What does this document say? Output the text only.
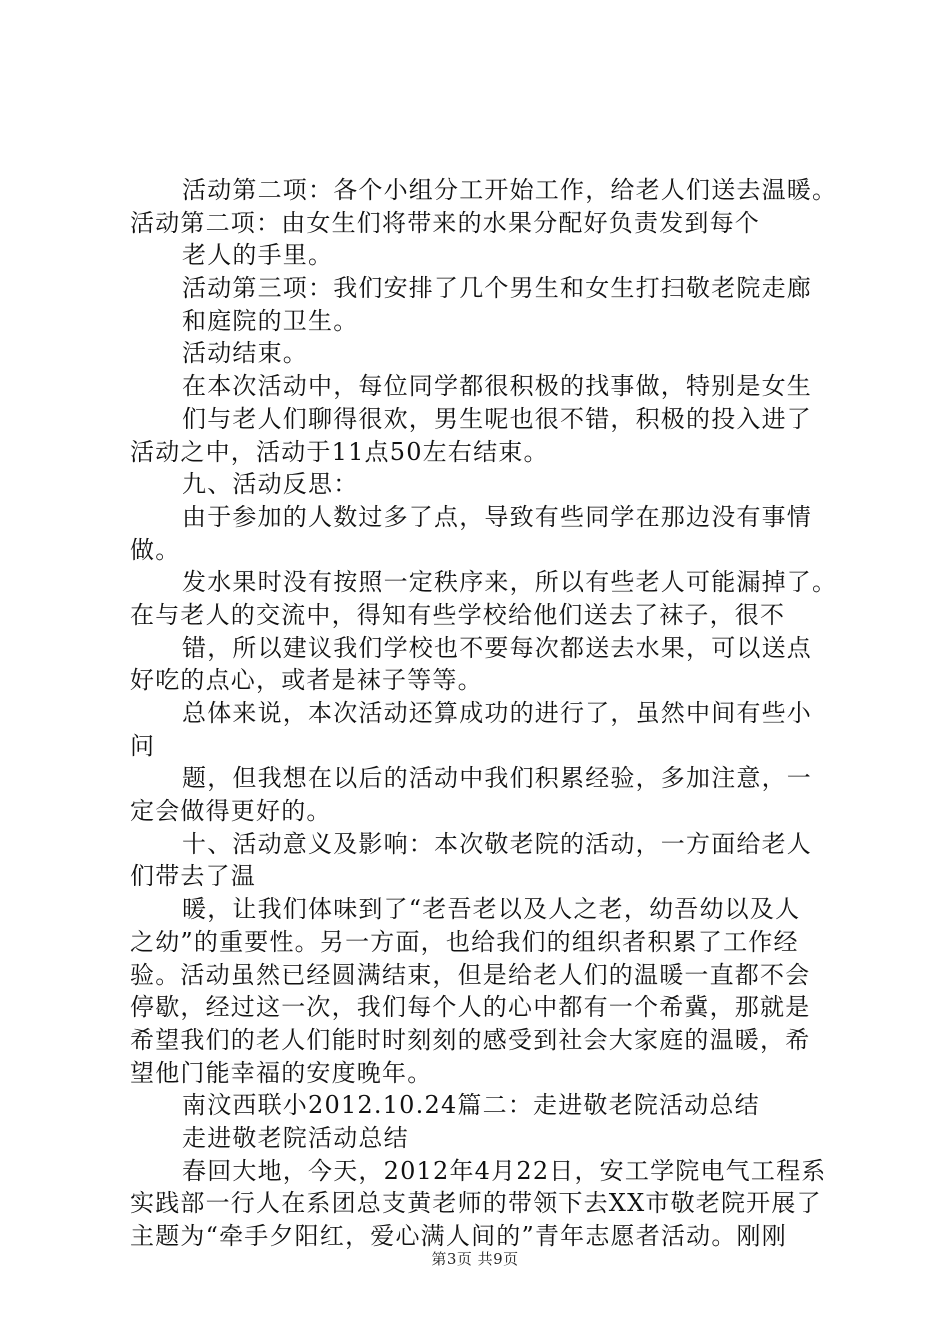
活动第二项：各个小组分工开始工作，给老人们送去温暖。
活动第二项：由女生们将带来的水果分配好负责发到每个
老人的手里。
活动第三项：我们安排了几个男生和女生打扫敬老院走廊
和庭院的卫生。
活动结束。
在本次活动中，每位同学都很积极的找事做，特别是女生
们与老人们聊得很欢，男生呢也很不错，积极的投入进了
活动之中，活动于11点50左右结束。
九、活动反思：
由于参加的人数过多了点，导致有些同学在那边没有事情
做。
发水果时没有按照一定秩序来，所以有些老人可能漏掉了。
在与老人的交流中，得知有些学校给他们送去了袜子，很不
错，所以建议我们学校也不要每次都送去水果，可以送点
好吃的点心，或者是袜子等等。
总体来说，本次活动还算成功的进行了，虽然中间有些小
问
题，但我想在以后的活动中我们积累经验，多加注意，一
定会做得更好的。
十、活动意义及影响：本次敬老院的活动，一方面给老人
们带去了温
暖，让我们体味到了“老吾老以及人之老，幼吾幼以及人
之幼”的重要性。另一方面，也给我们的组织者积累了工作经
验。活动虽然已经圆满结束，但是给老人们的温暖一直都不会
停歇，经过这一次，我们每个人的心中都有一个希冀，那就是
希望我们的老人们能时时刻刻的感受到社会大家庭的温暖，希
望他门能幸福的安度晚年。
南汶西联小2012.10.24篇二：走进敬老院活动总结
走进敬老院活动总结
春回大地，今天，2012年4月22日，安工学院电气工程系
实践部一行人在系团总支黄老师的带领下去XX市敬老院开展了
主题为“牵手夕阳红，爱心满人间的”青年志愿者活动。刚刚
第3页 共9页
